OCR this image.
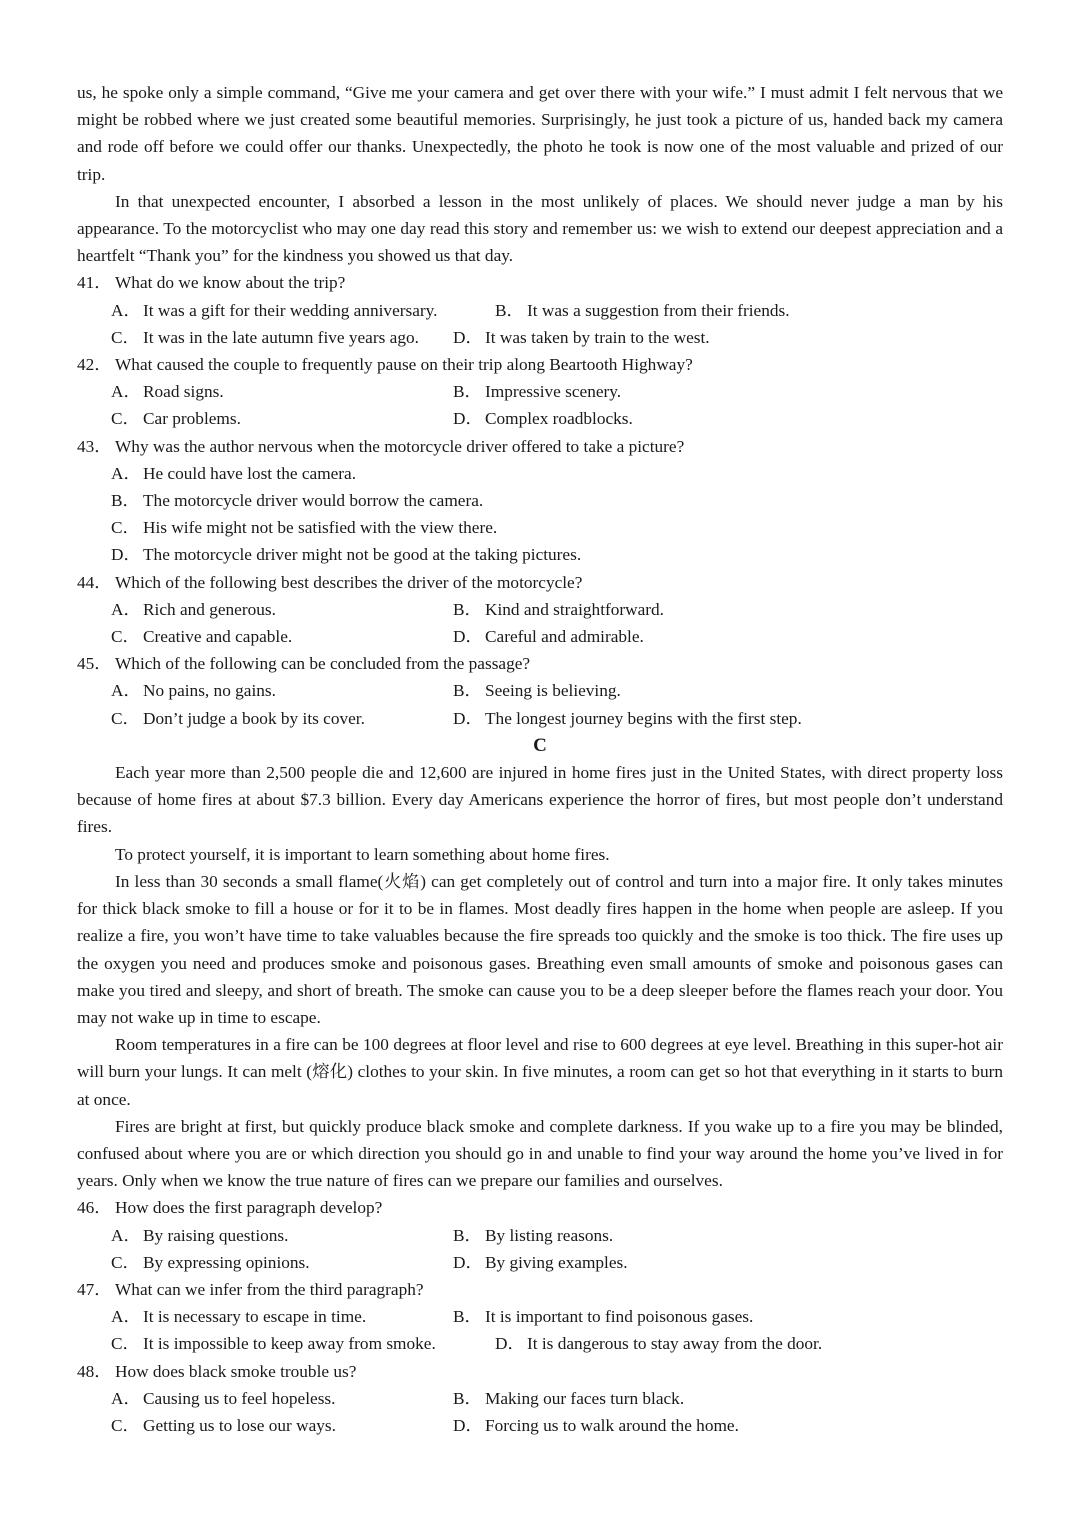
us, he spoke only a simple command, “Give me your camera and get over there with your wife.” I must admit I felt nervous that we might be robbed where we just created some beautiful memories. Surprisingly, he just took a picture of us, handed back my camera and rode off before we could offer our thanks. Unexpectedly, the photo he took is now one of the most valuable and prized of our trip.

In that unexpected encounter, I absorbed a lesson in the most unlikely of places. We should never judge a man by his appearance. To the motorcyclist who may one day read this story and remember us: we wish to extend our deepest appreciation and a heartfelt “Thank you” for the kindness you showed us that day.

41． What do we know about the trip?

A． It was a gift for their wedding anniversary.	B． It was a suggestion from their friends.
C． It was in the late autumn five years ago.	D． It was taken by train to the west.

42． What caused the couple to frequently pause on their trip along Beartooth Highway?

A． Road signs.	B． Impressive scenery.
C． Car problems.	D． Complex roadblocks.

43． Why was the author nervous when the motorcycle driver offered to take a picture?

A． He could have lost the camera.
B． The motorcycle driver would borrow the camera.
C． His wife might not be satisfied with the view there.
D． The motorcycle driver might not be good at the taking pictures.

44． Which of the following best describes the driver of the motorcycle?

A． Rich and generous.	B． Kind and straightforward.
C． Creative and capable.	D． Careful and admirable.

45． Which of the following can be concluded from the passage?

A． No pains, no gains.	B． Seeing is believing.
C． Don’t judge a book by its cover.	D． The longest journey begins with the first step.

C

Each year more than 2,500 people die and 12,600 are injured in home fires just in the United States, with direct property loss because of home fires at about $7.3 billion. Every day Americans experience the horror of fires, but most people don’t understand fires.

To protect yourself, it is important to learn something about home fires.

In less than 30 seconds a small flame(火焰) can get completely out of control and turn into a major fire. It only takes minutes for thick black smoke to fill a house or for it to be in flames. Most deadly fires happen in the home when people are asleep. If you realize a fire, you won’t have time to take valuables because the fire spreads too quickly and the smoke is too thick. The fire uses up the oxygen you need and produces smoke and poisonous gases. Breathing even small amounts of smoke and poisonous gases can make you tired and sleepy, and short of breath. The smoke can cause you to be a deep sleeper before the flames reach your door. You may not wake up in time to escape.

Room temperatures in a fire can be 100 degrees at floor level and rise to 600 degrees at eye level. Breathing in this super-hot air will burn your lungs. It can melt (熔化) clothes to your skin. In five minutes, a room can get so hot that everything in it starts to burn at once.

Fires are bright at first, but quickly produce black smoke and complete darkness. If you wake up to a fire you may be blinded, confused about where you are or which direction you should go in and unable to find your way around the home you’ve lived in for years. Only when we know the true nature of fires can we prepare our families and ourselves.

46． How does the first paragraph develop?

A． By raising questions.	B． By listing reasons.
C． By expressing opinions.	D． By giving examples.

47． What can we infer from the third paragraph?

A． It is necessary to escape in time.	B． It is important to find poisonous gases.
C． It is impossible to keep away from smoke.	D． It is dangerous to stay away from the door.

48． How does black smoke trouble us?

A． Causing us to feel hopeless.	B． Making our faces turn black.
C． Getting us to lose our ways.	D． Forcing us to walk around the home.
